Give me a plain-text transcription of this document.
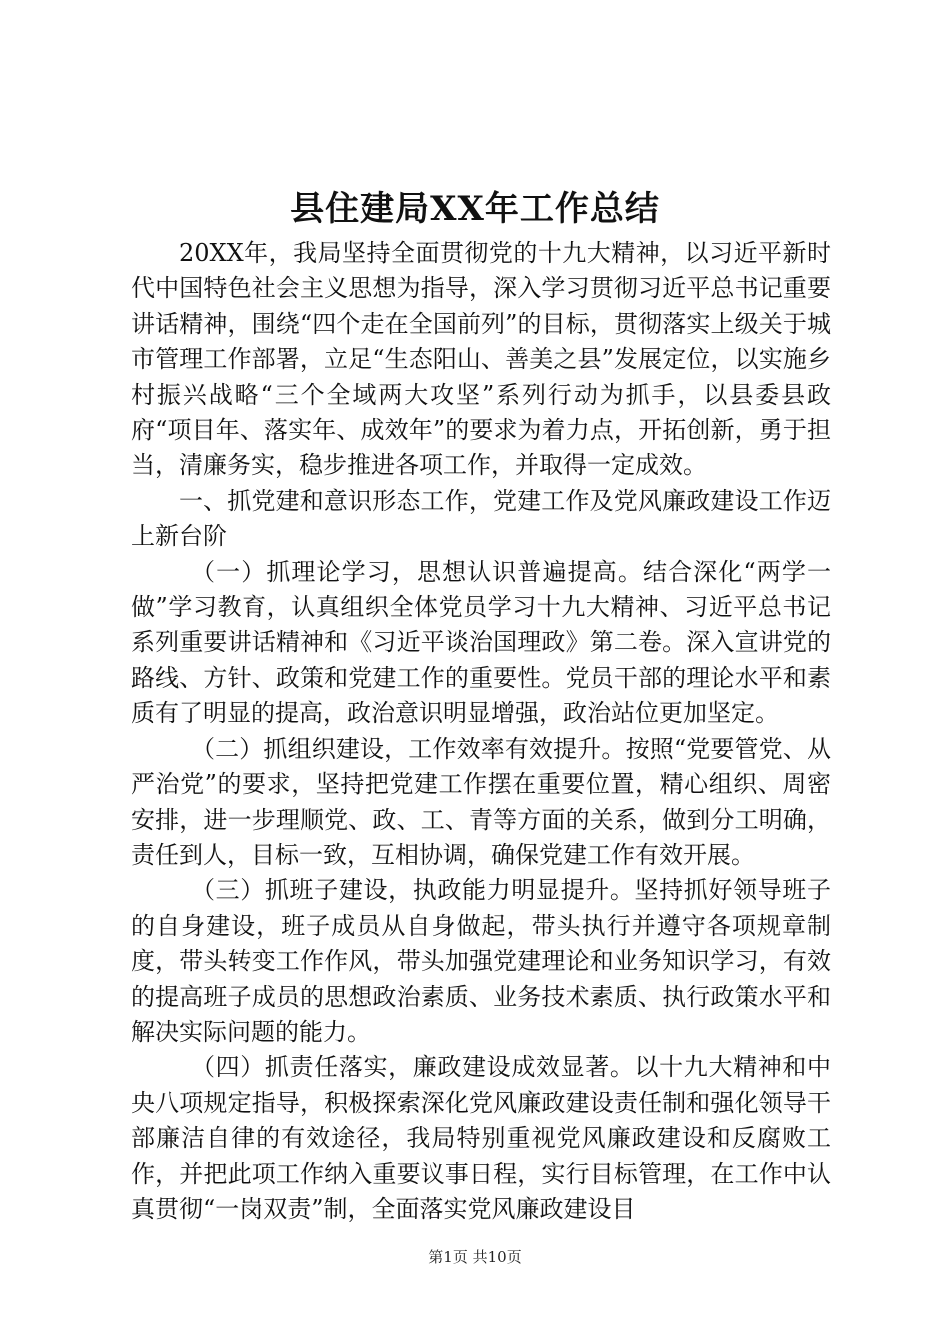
县住建局XX年工作总结

20XX年，我局坚持全面贯彻党的十九大精神，以习近平新时代中国特色社会主义思想为指导，深入学习贯彻习近平总书记重要讲话精神，围绕“四个走在全国前列”的目标，贯彻落实上级关于城市管理工作部署，立足“生态阳山、善美之县”发展定位，以实施乡村振兴战略“三个全域两大攻坚”系列行动为抓手，以县委县政府“项目年、落实年、成效年”的要求为着力点，开拓创新，勇于担当，清廉务实，稳步推进各项工作，并取得一定成效。

一、抓党建和意识形态工作，党建工作及党风廉政建设工作迈上新台阶

（一）抓理论学习，思想认识普遍提高。结合深化“两学一做”学习教育，认真组织全体党员学习十九大精神、习近平总书记系列重要讲话精神和《习近平谈治国理政》第二卷。深入宣讲党的路线、方针、政策和党建工作的重要性。党员干部的理论水平和素质有了明显的提高，政治意识明显增强，政治站位更加坚定。

（二）抓组织建设，工作效率有效提升。按照“党要管党、从严治党”的要求，坚持把党建工作摆在重要位置，精心组织、周密安排，进一步理顺党、政、工、青等方面的关系，做到分工明确，责任到人，目标一致，互相协调，确保党建工作有效开展。

（三）抓班子建设，执政能力明显提升。坚持抓好领导班子的自身建设，班子成员从自身做起，带头执行并遵守各项规章制度，带头转变工作作风，带头加强党建理论和业务知识学习，有效的提高班子成员的思想政治素质、业务技术素质、执行政策水平和解决实际问题的能力。

（四）抓责任落实，廉政建设成效显著。以十九大精神和中央八项规定指导，积极探索深化党风廉政建设责任制和强化领导干部廉洁自律的有效途径，我局特别重视党风廉政建设和反腐败工作，并把此项工作纳入重要议事日程，实行目标管理，在工作中认真贯彻“一岗双责”制，全面落实党风廉政建设目

第1页 共10页
